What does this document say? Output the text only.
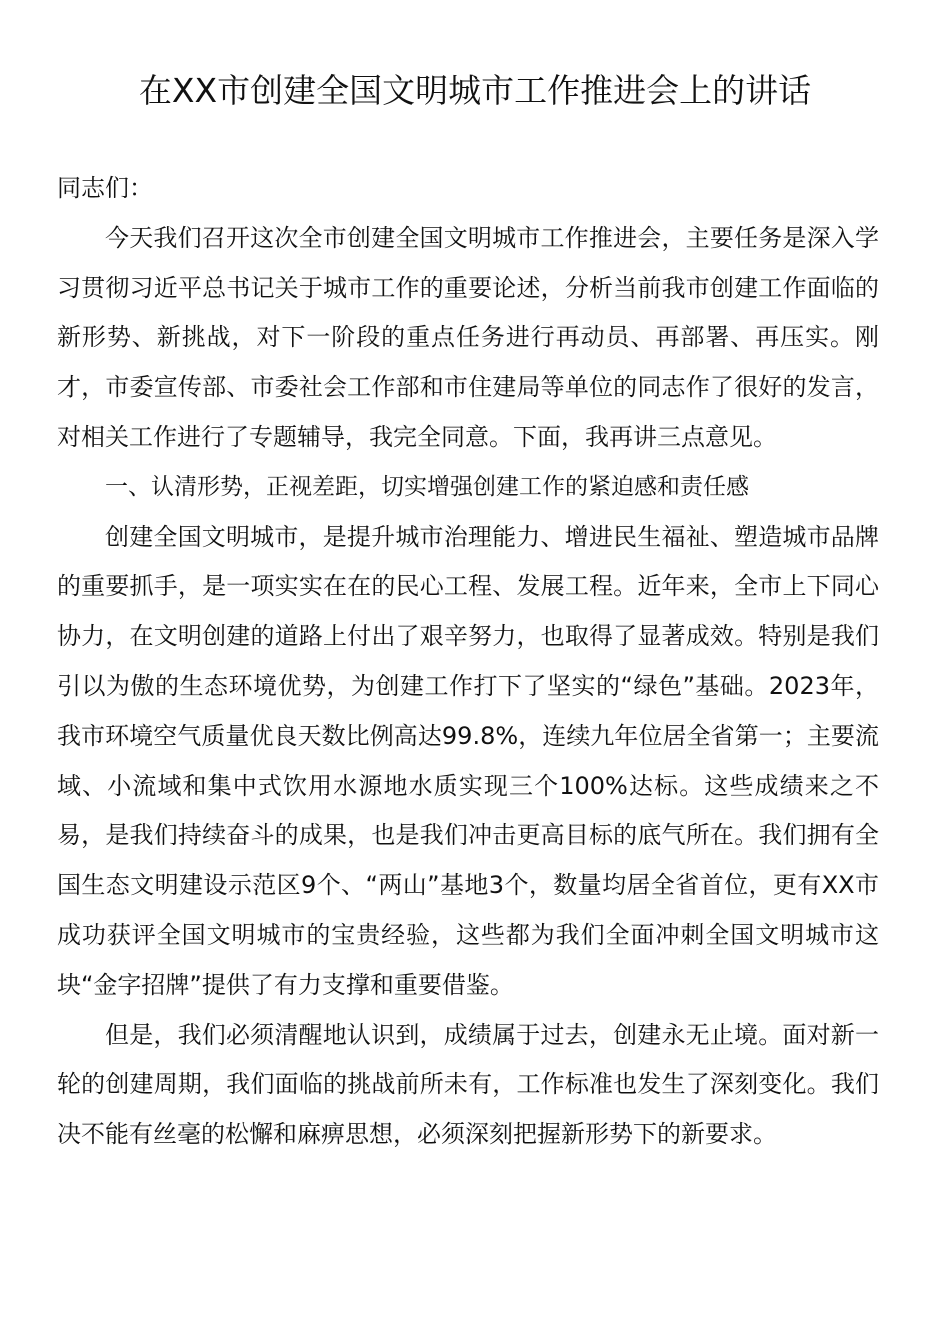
在XX市创建全国文明城市工作推进会上的讲话

同志们：

今天我们召开这次全市创建全国文明城市工作推进会，主要任务是深入学习贯彻习近平总书记关于城市工作的重要论述，分析当前我市创建工作面临的新形势、新挑战，对下一阶段的重点任务进行再动员、再部署、再压实。刚才，市委宣传部、市委社会工作部和市住建局等单位的同志作了很好的发言，对相关工作进行了专题辅导，我完全同意。下面，我再讲三点意见。

一、认清形势，正视差距，切实增强创建工作的紧迫感和责任感

创建全国文明城市，是提升城市治理能力、增进民生福祉、塑造城市品牌的重要抓手，是一项实实在在的民心工程、发展工程。近年来，全市上下同心协力，在文明创建的道路上付出了艰辛努力，也取得了显著成效。特别是我们引以为傲的生态环境优势，为创建工作打下了坚实的“绿色”基础。2023年，我市环境空气质量优良天数比例高达99.8%，连续九年位居全省第一；主要流域、小流域和集中式饮用水源地水质实现三个100%达标。这些成绩来之不易，是我们持续奋斗的成果，也是我们冲击更高目标的底气所在。我们拥有全国生态文明建设示范区9个、“两山”基地3个，数量均居全省首位，更有XX市成功获评全国文明城市的宝贵经验，这些都为我们全面冲刺全国文明城市这块“金字招牌”提供了有力支撑和重要借鉴。

但是，我们必须清醒地认识到，成绩属于过去，创建永无止境。面对新一轮的创建周期，我们面临的挑战前所未有，工作标准也发生了深刻变化。我们决不能有丝毫的松懈和麻痹思想，必须深刻把握新形势下的新要求。
